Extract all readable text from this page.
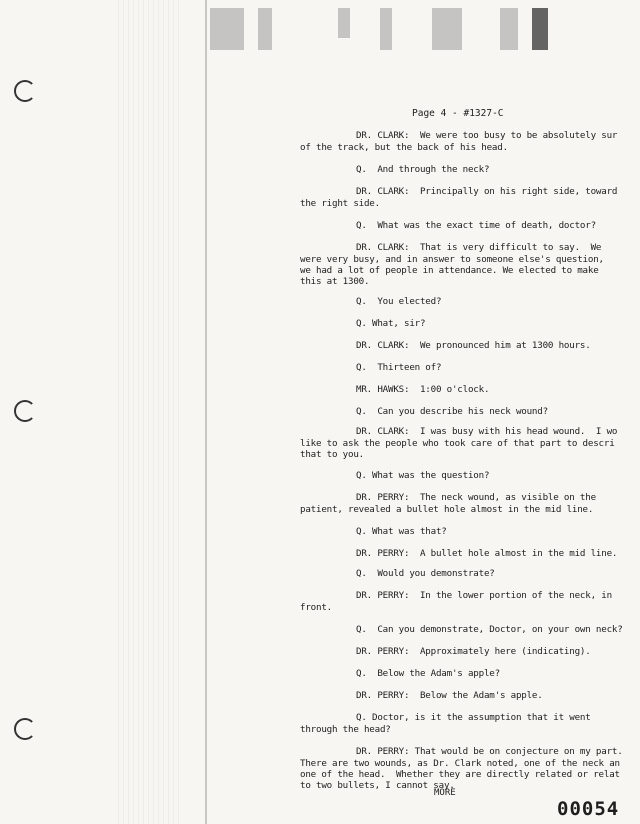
Page 4 - #1327-C
DR. CLARK:  We were too busy to be absolutely sur
of the track, but the back of his head.
Q.  And through the neck?
DR. CLARK:  Principally on his right side, toward
the right side.
Q.  What was the exact time of death, doctor?
DR. CLARK:  That is very difficult to say.  We
were very busy, and in answer to someone else's question,
we had a lot of people in attendance. We elected to make
this at 1300.
Q.  You elected?
Q. What, sir?
DR. CLARK:  We pronounced him at 1300 hours.
Q.  Thirteen of?
MR. HAWKS:  1:00 o'clock.
Q.  Can you describe his neck wound?
DR. CLARK:  I was busy with his head wound.  I wo
like to ask the people who took care of that part to descri
that to you.
Q. What was the question?
DR. PERRY:  The neck wound, as visible on the
patient, revealed a bullet hole almost in the mid line.
Q. What was that?
DR. PERRY:  A bullet hole almost in the mid line.
Q.  Would you demonstrate?
DR. PERRY:  In the lower portion of the neck, in
front.
Q.  Can you demonstrate, Doctor, on your own neck?
DR. PERRY:  Approximately here (indicating).
Q.  Below the Adam's apple?
DR. PERRY:  Below the Adam's apple.
Q. Doctor, is it the assumption that it went
through the head?
DR. PERRY: That would be on conjecture on my part.
There are two wounds, as Dr. Clark noted, one of the neck an
one of the head.  Whether they are directly related or relat
to two bullets, I cannot say.
MORE
00054
